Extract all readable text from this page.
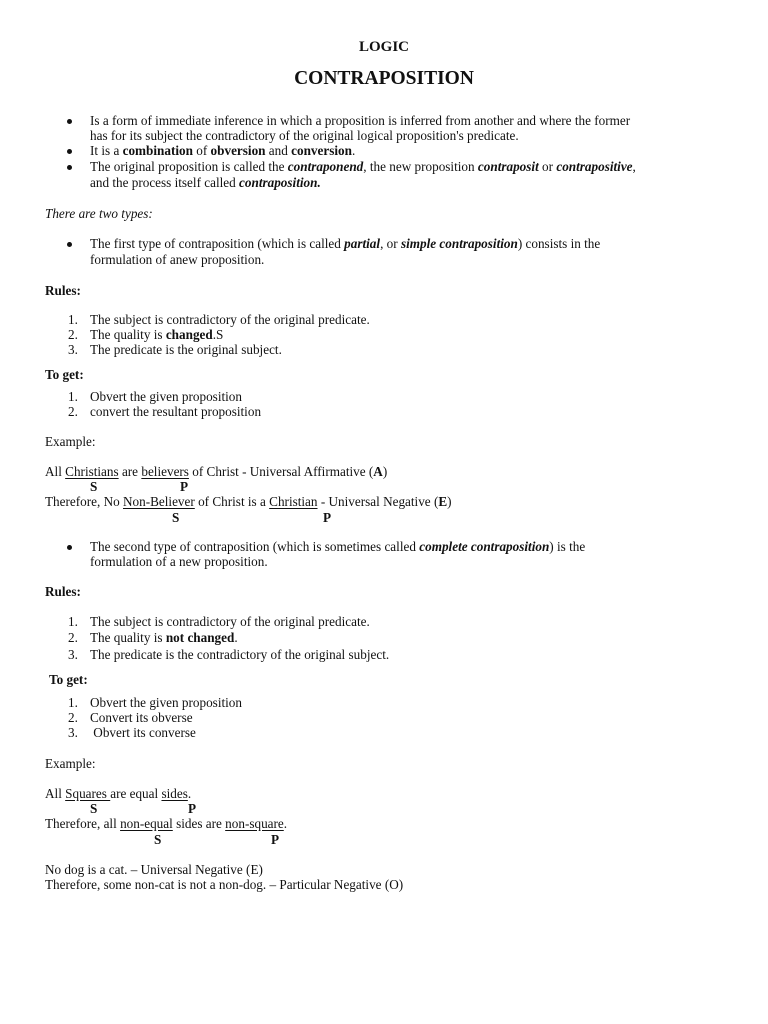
LOGIC
CONTRAPOSITION
Is a form of immediate inference in which a proposition is inferred from another and where the former
has for its subject the contradictory of the original logical proposition's predicate.
It is a combination of obversion and conversion.
The original proposition is called the contraponend, the new proposition contraposit or contrapositive,
and the process itself called contraposition.
There are two types:
The first type of contraposition (which is called partial, or simple contraposition) consists in the
formulation of anew proposition.
Rules:
1. The subject is contradictory of the original predicate.
2. The quality is changed.S
3. The predicate is the original subject.
To get:
1. Obvert the given proposition
2. convert the resultant proposition
Example:
All Christians are believers of Christ - Universal Affirmative (A)
S	P
Therefore, No Non-Believer of Christ is a Christian - Universal Negative (E)
S	P
The second type of contraposition (which is sometimes called complete contraposition) is the
formulation of a new proposition.
Rules:
1. The subject is contradictory of the original predicate.
2. The quality is not changed.
3. The predicate is the contradictory of the original subject.
To get:
1. Obvert the given proposition
2. Convert its obverse
3. Obvert its converse
Example:
All Squares are equal sides.
S	P
Therefore, all non-equal sides are non-square.
S	P
No dog is a cat. – Universal Negative (E)
Therefore, some non-cat is not a non-dog. – Particular Negative (O)
